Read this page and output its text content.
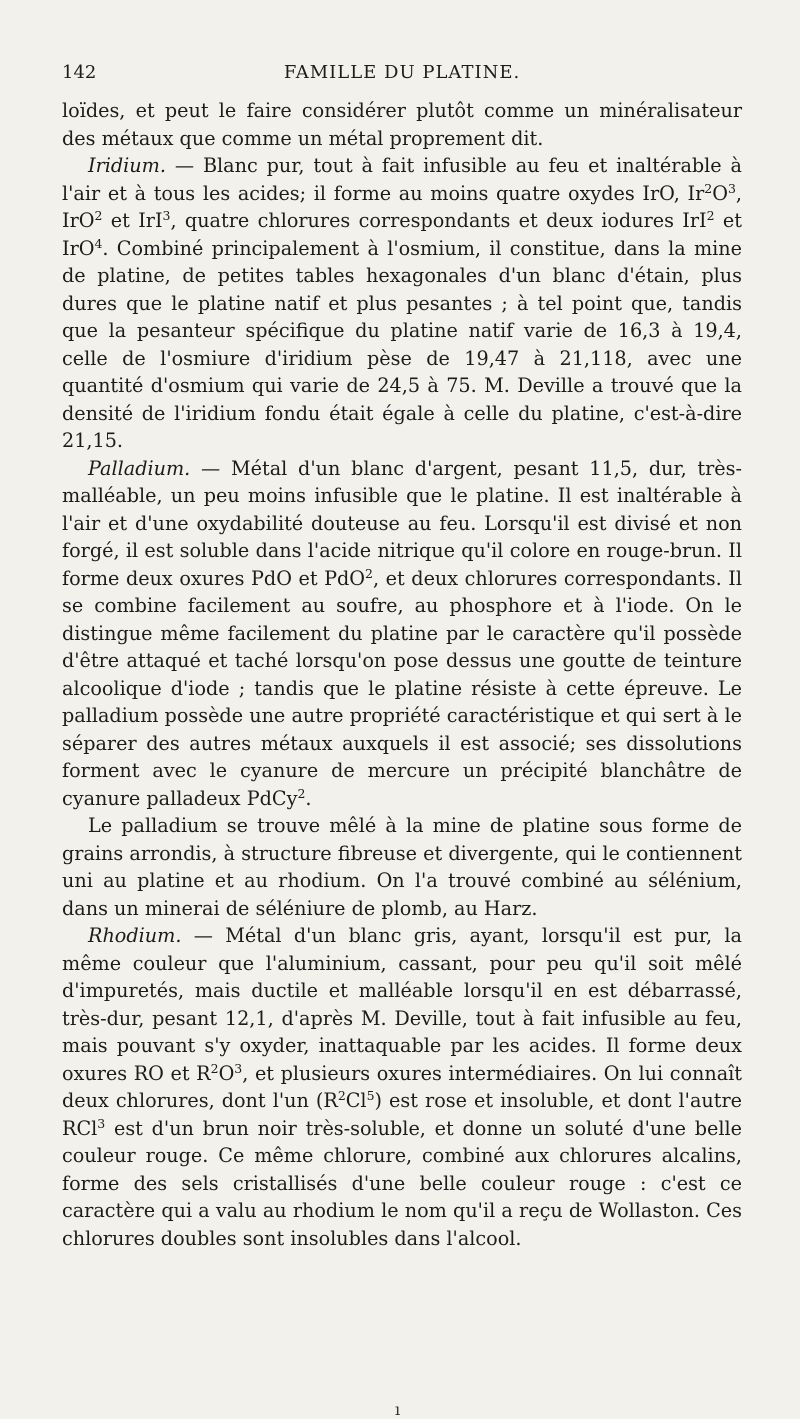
142	FAMILLE DU PLATINE.

loïdes, et peut le faire considérer plutôt comme un minéralisateur des métaux que comme un métal proprement dit.

Iridium. — Blanc pur, tout à fait infusible au feu et inaltérable à l'air et à tous les acides; il forme au moins quatre oxydes IrO, $Ir^2O^3$, IrO$^2$ et IrI$^3$, quatre chlorures correspondants et deux iodures IrI$^2$ et IrO$^4$. Combiné principalement à l'osmium, il constitue, dans la mine de platine, de petites tables hexagonales d'un blanc d'étain, plus dures que le platine natif et plus pesantes ; à tel point que, tandis que la pesanteur spécifique du platine natif varie de 16,3 à 19,4, celle de l'osmiure d'iridium pèse de 19,47 à 21,118, avec une quantité d'osmium qui varie de 24,5 à 75. M. Deville a trouvé que la densité de l'iridium fondu était égale à celle du platine, c'est-à-dire 21,15.

Palladium. — Métal d'un blanc d'argent, pesant 11,5, dur, très-malléable, un peu moins infusible que le platine. Il est inaltérable à l'air et d'une oxydabilité douteuse au feu. Lorsqu'il est divisé et non forgé, il est soluble dans l'acide nitrique qu'il colore en rouge-brun. Il forme deux oxures PdO et PdO$^2$, et deux chlorures correspondants. Il se combine facilement au soufre, au phosphore et à l'iode. On le distingue même facilement du platine par le caractère qu'il possède d'être attaqué et taché lorsqu'on pose dessus une goutte de teinture alcoolique d'iode ; tandis que le platine résiste à cette épreuve. Le palladium possède une autre propriété caractéristique et qui sert à le séparer des autres métaux auxquels il est associé; ses dissolutions forment avec le cyanure de mercure un précipité blanchâtre de cyanure palladeux PdCy$^2$.

Le palladium se trouve mêlé à la mine de platine sous forme de grains arrondis, à structure fibreuse et divergente, qui le contiennent uni au platine et au rhodium. On l'a trouvé combiné au sélénium, dans un minerai de séléniure de plomb, au Harz.

Rhodium. — Métal d'un blanc gris, ayant, lorsqu'il est pur, la même couleur que l'aluminium, cassant, pour peu qu'il soit mêlé d'impuretés, mais ductile et malléable lorsqu'il en est débarrassé, très-dur, pesant 12,1, d'après M. Deville, tout à fait infusible au feu, mais pouvant s'y oxyder, inattaquable par les acides. Il forme deux oxures RO et $R^2O^3$, et plusieurs oxures intermédiaires. On lui connaît deux chlorures, dont l'un $(R^2Cl^5)$ est rose et insoluble, et dont l'autre RCl$^3$ est d'un brun noir très-soluble, et donne un soluté d'une belle couleur rouge. Ce même chlorure, combiné aux chlorures alcalins, forme des sels cristallisés d'une belle couleur rouge : c'est ce caractère qui a valu au rhodium le nom qu'il a reçu de Wollaston. Ces chlorures doubles sont insolubles dans l'alcool.

ı
